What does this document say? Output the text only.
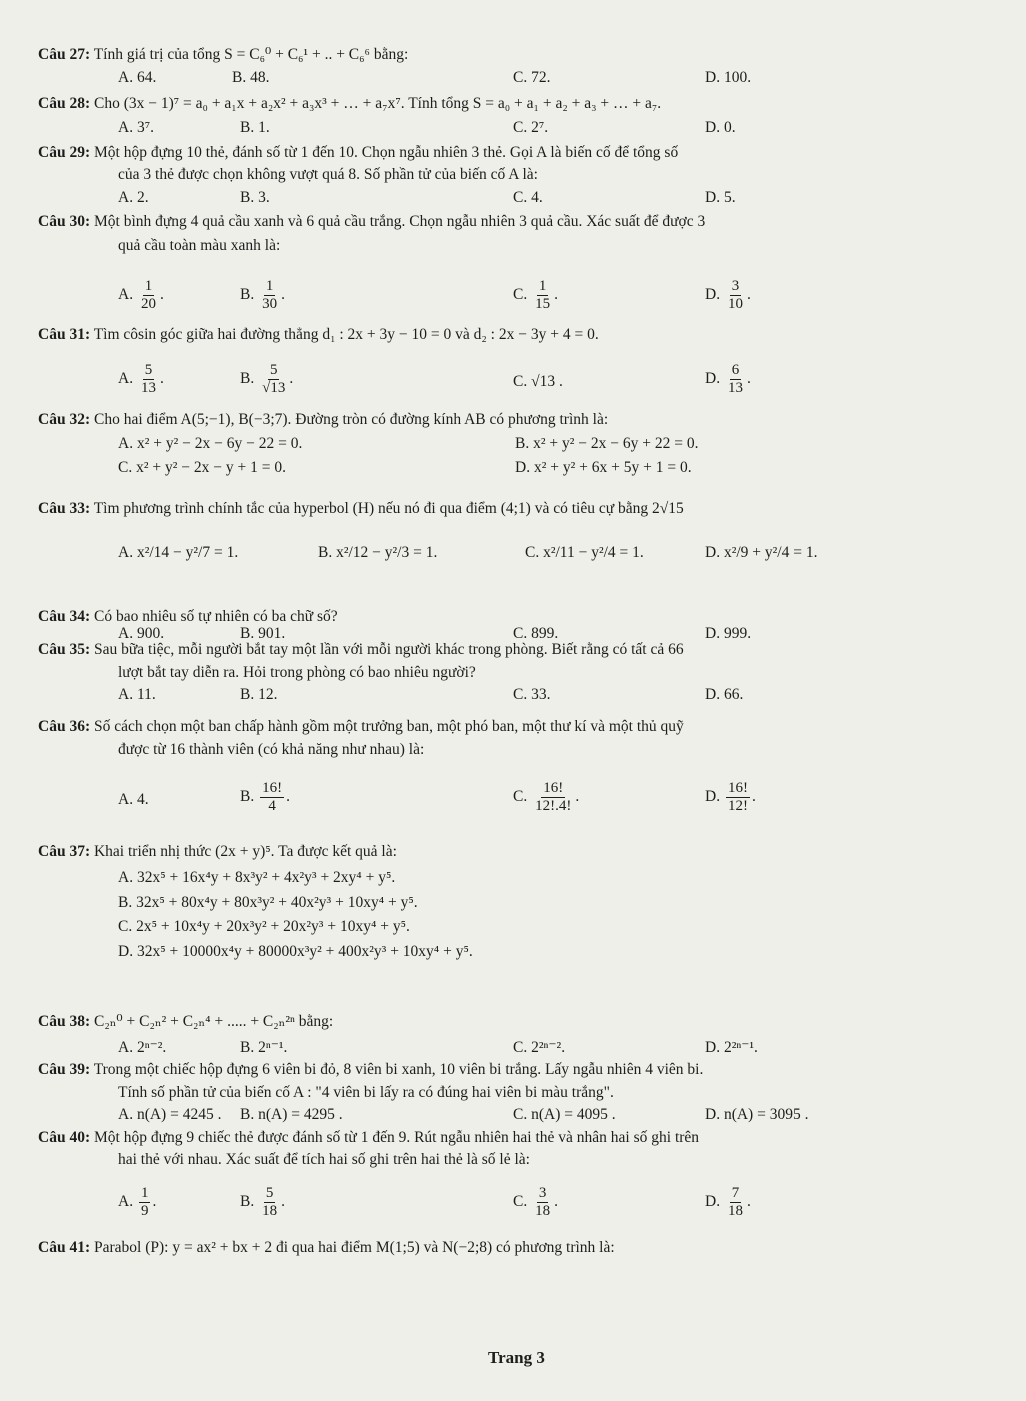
Câu 27: Tính giá trị của tổng S = C₆⁰ + C₆¹ + .. + C₆⁶ bằng:
A. 64.	B. 48.	C. 72.	D. 100.
Câu 28: Cho (3x − 1)⁷ = a₀ + a₁x + a₂x² + a₃x³ + … + a₇x⁷. Tính tổng S = a₀ + a₁ + a₂ + a₃ + … + a₇.
A. 3⁷.	B. 1.	C. 2⁷.	D. 0.
Câu 29: Một hộp đựng 10 thẻ, đánh số từ 1 đến 10. Chọn ngẫu nhiên 3 thẻ. Gọi A là biến cố để tổng số
của 3 thẻ được chọn không vượt quá 8. Số phần tử của biến cố A là:
A. 2.	B. 3.	C. 4.	D. 5.
Câu 30: Một bình đựng 4 quả cầu xanh và 6 quả cầu trắng. Chọn ngẫu nhiên 3 quả cầu. Xác suất để được 3
quả cầu toàn màu xanh là:
A. $\frac{1}{20}$ .	B. $\frac{1}{30}$ .	C. $\frac{1}{15}$ .	D. $\frac{3}{10}$ .
Câu 31: Tìm côsin góc giữa hai đường thẳng d₁ : 2x + 3y − 10 = 0 và d₂ : 2x − 3y + 4 = 0.
A. $\frac{5}{13}$ .	B. $\frac{5}{√13}$ .	C. √13 .	D. $\frac{6}{13}$ .
Câu 32: Cho hai điểm A(5;−1), B(−3;7). Đường tròn có đường kính AB có phương trình là:
A. x² + y² − 2x − 6y − 22 = 0.	B. x² + y² − 2x − 6y + 22 = 0.
C. x² + y² − 2x − y + 1 = 0.	D. x² + y² + 6x + 5y + 1 = 0.
Câu 33: Tìm phương trình chính tắc của hyperbol (H) nếu nó đi qua điểm (4;1) và có tiêu cự bằng 2√15
A. x²/14 − y²/7 = 1.	B. x²/12 − y²/3 = 1.	C. x²/11 − y²/4 = 1.	D. x²/9 + y²/4 = 1.
Câu 34: Có bao nhiêu số tự nhiên có ba chữ số?
A. 900.	B. 901.	C. 899.	D. 999.
Câu 35: Sau bữa tiệc, mỗi người bắt tay một lần với mỗi người khác trong phòng. Biết rằng có tất cả 66
lượt bắt tay diễn ra. Hỏi trong phòng có bao nhiêu người?
A. 11.	B. 12.	C. 33.	D. 66.
Câu 36: Số cách chọn một ban chấp hành gồm một trưởng ban, một phó ban, một thư kí và một thủ quỹ
được từ 16 thành viên (có khả năng như nhau) là:
A. 4.	B. $\frac{16!}{4}$ .	C. $\frac{16!}{12!.4!}$ .	D. $\frac{16!}{12!}$ .
Câu 37: Khai triển nhị thức (2x + y)⁵. Ta được kết quả là:
A. 32x⁵ + 16x⁴y + 8x³y² + 4x²y³ + 2xy⁴ + y⁵.
B. 32x⁵ + 80x⁴y + 80x³y² + 40x²y³ + 10xy⁴ + y⁵.
C. 2x⁵ + 10x⁴y + 20x³y² + 20x²y³ + 10xy⁴ + y⁵.
D. 32x⁵ + 10000x⁴y + 80000x³y² + 400x²y³ + 10xy⁴ + y⁵.
Câu 38: C₂ₙ⁰ + C₂ₙ² + C₂ₙ⁴ + ..... + C₂ₙ²ⁿ bằng:
A. 2ⁿ⁻².	B. 2ⁿ⁻¹.	C. 2²ⁿ⁻².	D. 2²ⁿ⁻¹.
Câu 39: Trong một chiếc hộp đựng 6 viên bi đỏ, 8 viên bi xanh, 10 viên bi trắng. Lấy ngẫu nhiên 4 viên bi.
Tính số phần tử của biến cố A : "4 viên bi lấy ra có đúng hai viên bi màu trắng".
A. n(A) = 4245 . B. n(A) = 4295 .	C. n(A) = 4095 .	D. n(A) = 3095 .
Câu 40: Một hộp đựng 9 chiếc thẻ được đánh số từ 1 đến 9. Rút ngẫu nhiên hai thẻ và nhân hai số ghi trên
hai thẻ với nhau. Xác suất để tích hai số ghi trên hai thẻ là số lẻ là:
A. $\frac{1}{9}$ .	B. $\frac{5}{18}$ .	C. $\frac{3}{18}$ .	D. $\frac{7}{18}$ .
Câu 41: Parabol (P): y = ax² + bx + 2 đi qua hai điểm M(1;5) và N(−2;8) có phương trình là:
Trang 3
